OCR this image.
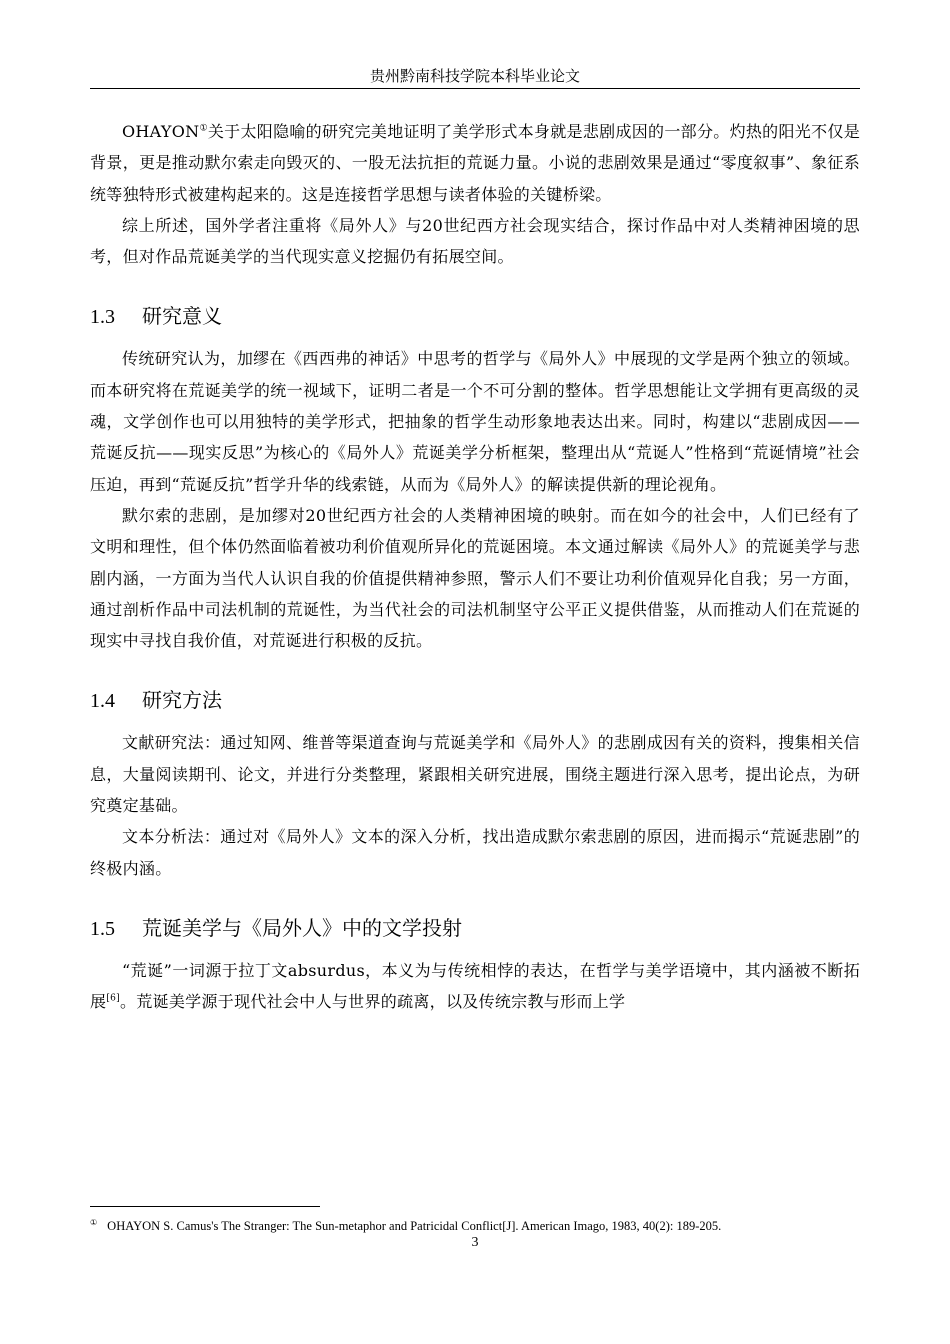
贵州黔南科技学院本科毕业论文

OHAYON①关于太阳隐喻的研究完美地证明了美学形式本身就是悲剧成因的一部分。灼热的阳光不仅是背景，更是推动默尔索走向毁灭的、一股无法抗拒的荒诞力量。小说的悲剧效果是通过“零度叙事”、象征系统等独特形式被建构起来的。这是连接哲学思想与读者体验的关键桥梁。

综上所述，国外学者注重将《局外人》与20世纪西方社会现实结合，探讨作品中对人类精神困境的思考，但对作品荒诞美学的当代现实意义挖掘仍有拓展空间。

1.3 研究意义

传统研究认为，加缪在《西西弗的神话》中思考的哲学与《局外人》中展现的文学是两个独立的领域。而本研究将在荒诞美学的统一视域下，证明二者是一个不可分割的整体。哲学思想能让文学拥有更高级的灵魂，文学创作也可以用独特的美学形式，把抽象的哲学生动形象地表达出来。同时，构建以“悲剧成因——荒诞反抗——现实反思”为核心的《局外人》荒诞美学分析框架，整理出从“荒诞人”性格到“荒诞情境”社会压迫，再到“荒诞反抗”哲学升华的线索链，从而为《局外人》的解读提供新的理论视角。

默尔索的悲剧，是加缪对20世纪西方社会的人类精神困境的映射。而在如今的社会中，人们已经有了文明和理性，但个体仍然面临着被功利价值观所异化的荒诞困境。本文通过解读《局外人》的荒诞美学与悲剧内涵，一方面为当代人认识自我的价值提供精神参照，警示人们不要让功利价值观异化自我；另一方面，通过剖析作品中司法机制的荒诞性，为当代社会的司法机制坚守公平正义提供借鉴，从而推动人们在荒诞的现实中寻找自我价值，对荒诞进行积极的反抗。

1.4 研究方法

文献研究法：通过知网、维普等渠道查询与荒诞美学和《局外人》的悲剧成因有关的资料，搜集相关信息，大量阅读期刊、论文，并进行分类整理，紧跟相关研究进展，围绕主题进行深入思考，提出论点，为研究奠定基础。

文本分析法：通过对《局外人》文本的深入分析，找出造成默尔索悲剧的原因，进而揭示“荒诞悲剧”的终极内涵。

1.5 荒诞美学与《局外人》中的文学投射

“荒诞”一词源于拉丁文absurdus，本义为与传统相悖的表达，在哲学与美学语境中，其内涵被不断拓展[6]。荒诞美学源于现代社会中人与世界的疏离，以及传统宗教与形而上学

① OHAYON S. Camus's The Stranger: The Sun-metaphor and Patricidal Conflict[J]. American Imago, 1983, 40(2): 189-205.
3
